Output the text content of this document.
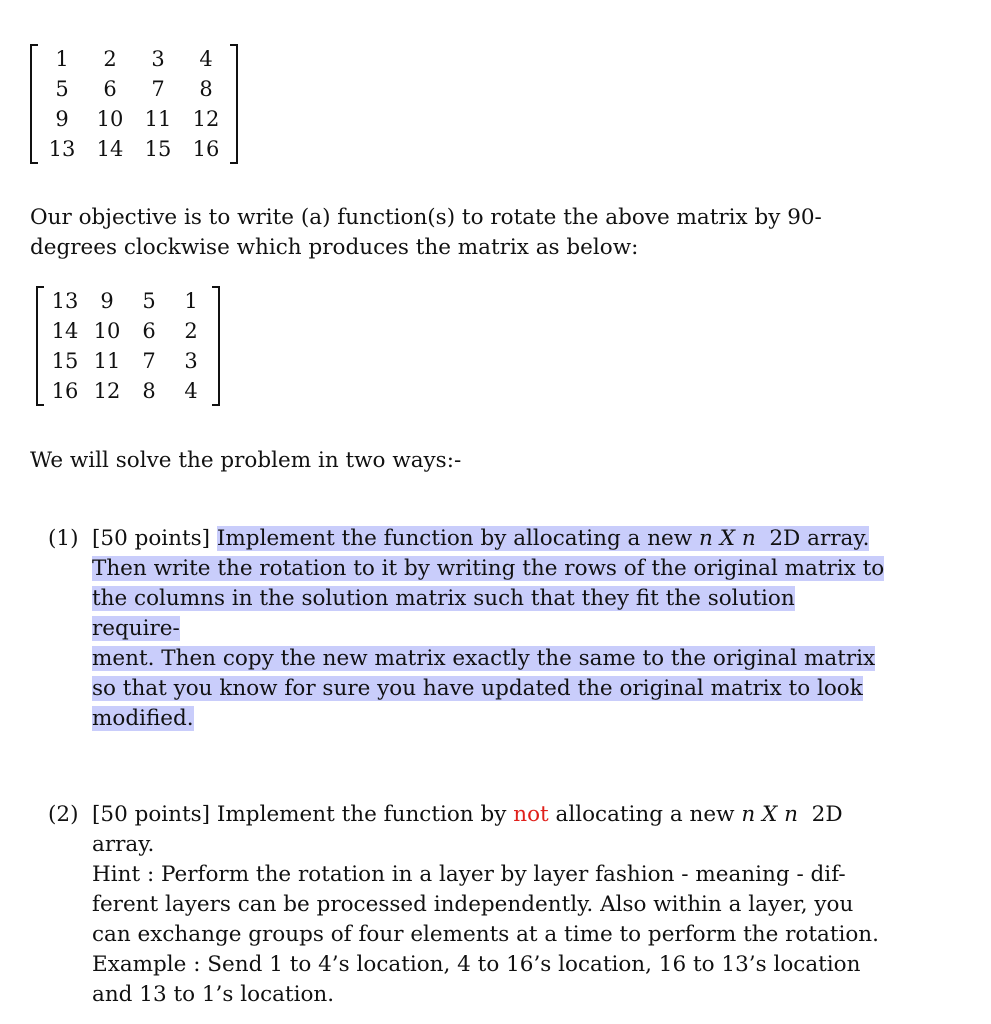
1	2	3	4
5	6	7	8
9	10	11	12
13	14	15	16

Our objective is to write (a) function(s) to rotate the above matrix by 90-
degrees clockwise which produces the matrix as below:

13	9	5	1
14	10	6	2
15	11	7	3
16	12	8	4

We will solve the problem in two ways:-

(1) [50 points] Implement the function by allocating a new n X n 2D array.
Then write the rotation to it by writing the rows of the original matrix to
the columns in the solution matrix such that they fit the solution require-
ment. Then copy the new matrix exactly the same to the original matrix
so that you know for sure you have updated the original matrix to look
modified.
(2) [50 points] Implement the function by not allocating a new n X n 2D
array.
Hint : Perform the rotation in a layer by layer fashion - meaning - dif-
ferent layers can be processed independently. Also within a layer, you
can exchange groups of four elements at a time to perform the rotation.
Example : Send 1 to 4’s location, 4 to 16’s location, 16 to 13’s location
and 13 to 1’s location.
